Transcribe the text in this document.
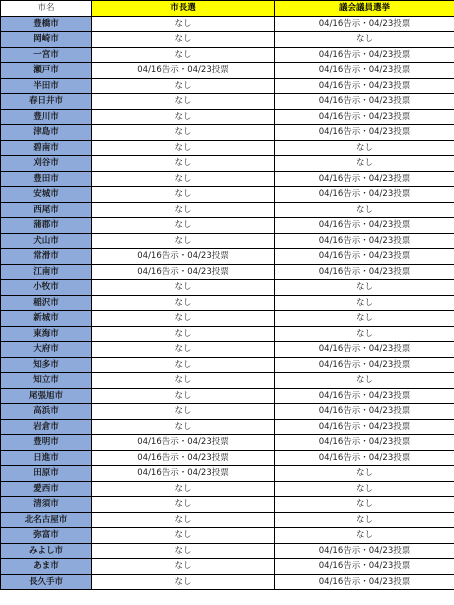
市名	市長選	議会議員選挙
豊橋市	なし	04/16告示・04/23投票
岡崎市	なし	なし
一宮市	なし	04/16告示・04/23投票
瀬戸市	04/16告示・04/23投票	04/16告示・04/23投票
半田市	なし	04/16告示・04/23投票
春日井市	なし	04/16告示・04/23投票
豊川市	なし	04/16告示・04/23投票
津島市	なし	04/16告示・04/23投票
碧南市	なし	なし
刈谷市	なし	なし
豊田市	なし	04/16告示・04/23投票
安城市	なし	04/16告示・04/23投票
西尾市	なし	なし
蒲郡市	なし	04/16告示・04/23投票
犬山市	なし	04/16告示・04/23投票
常滑市	04/16告示・04/23投票	04/16告示・04/23投票
江南市	04/16告示・04/23投票	04/16告示・04/23投票
小牧市	なし	なし
稲沢市	なし	なし
新城市	なし	なし
東海市	なし	なし
大府市	なし	04/16告示・04/23投票
知多市	なし	04/16告示・04/23投票
知立市	なし	なし
尾張旭市	なし	04/16告示・04/23投票
高浜市	なし	04/16告示・04/23投票
岩倉市	なし	04/16告示・04/23投票
豊明市	04/16告示・04/23投票	04/16告示・04/23投票
日進市	04/16告示・04/23投票	04/16告示・04/23投票
田原市	04/16告示・04/23投票	なし
愛西市	なし	なし
清須市	なし	なし
北名古屋市	なし	なし
弥富市	なし	なし
みよし市	なし	04/16告示・04/23投票
あま市	なし	04/16告示・04/23投票
長久手市	なし	04/16告示・04/23投票
